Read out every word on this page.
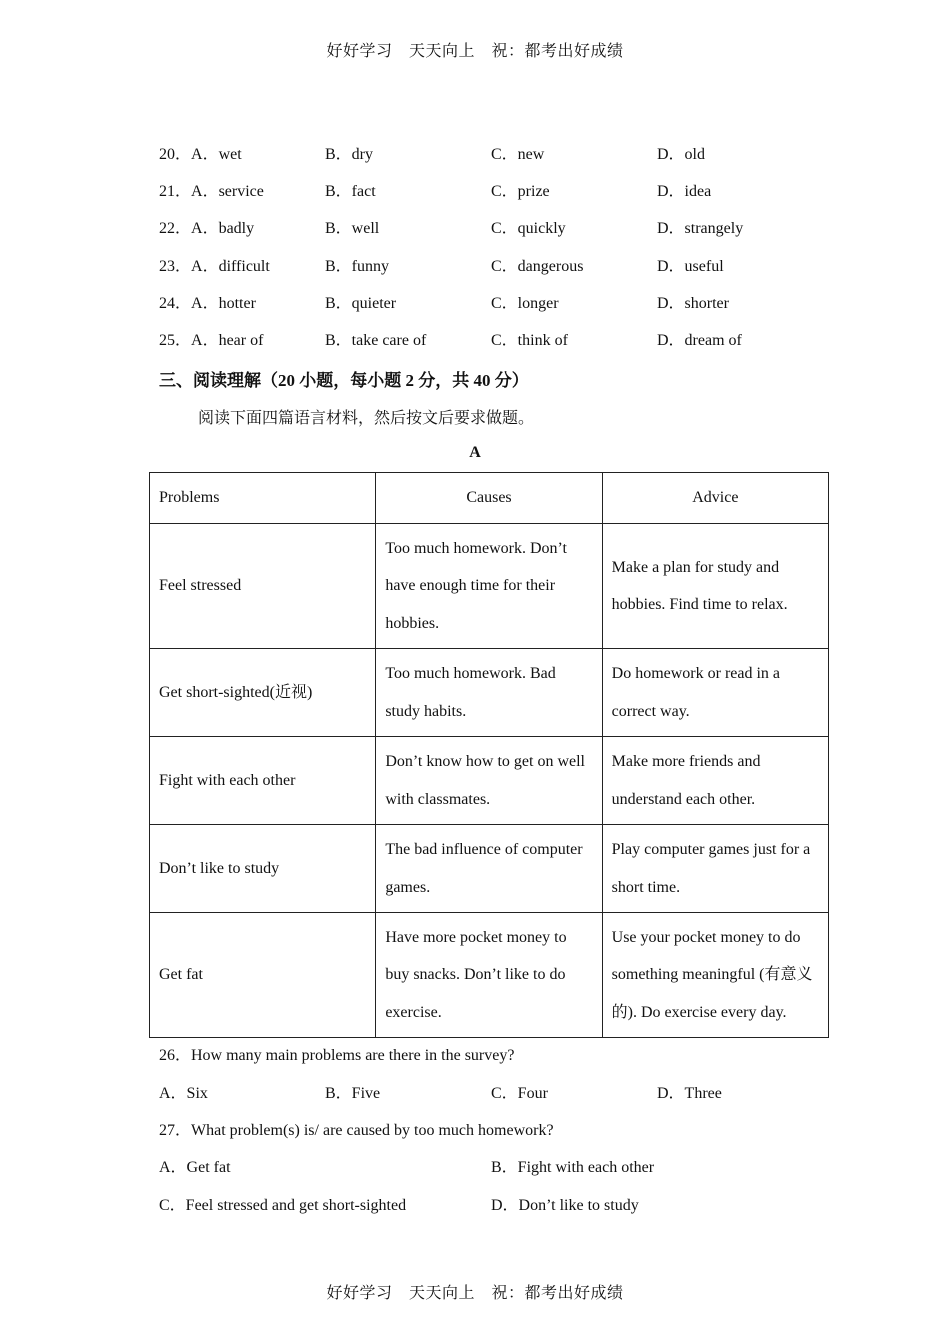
好好学习　天天向上　祝：都考出好成绩
20．A．wet	B．dry	C．new	D．old
21．A．service	B．fact	C．prize	D．idea
22．A．badly	B．well	C．quickly	D．strangely
23．A．difficult	B．funny	C．dangerous	D．useful
24．A．hotter	B．quieter	C．longer	D．shorter
25．A．hear of	B．take care of	C．think of	D．dream of
三、阅读理解（20 小题，每小题 2 分，共 40 分）
阅读下面四篇语言材料，然后按文后要求做题。
A
Problems	Causes	Advice
Feel stressed	Too much homework. Don’t have enough time for their hobbies.	Make a plan for study and hobbies. Find time to relax.
Get short-sighted(近视)	Too much homework. Bad study habits.	Do homework or read in a correct way.
Fight with each other	Don’t know how to get on well with classmates.	Make more friends and understand each other.
Don’t like to study	The bad influence of computer games.	Play computer games just for a short time.
Get fat	Have more pocket money to buy snacks. Don’t like to do exercise.	Use your pocket money to do something meaningful (有意义的). Do exercise every day.
26．How many main problems are there in the survey?
A．Six	B．Five	C．Four	D．Three
27．What problem(s) is/ are caused by too much homework?
A．Get fat	B．Fight with each other
C．Feel stressed and get short-sighted	D．Don’t like to study
好好学习　天天向上　祝：都考出好成绩
